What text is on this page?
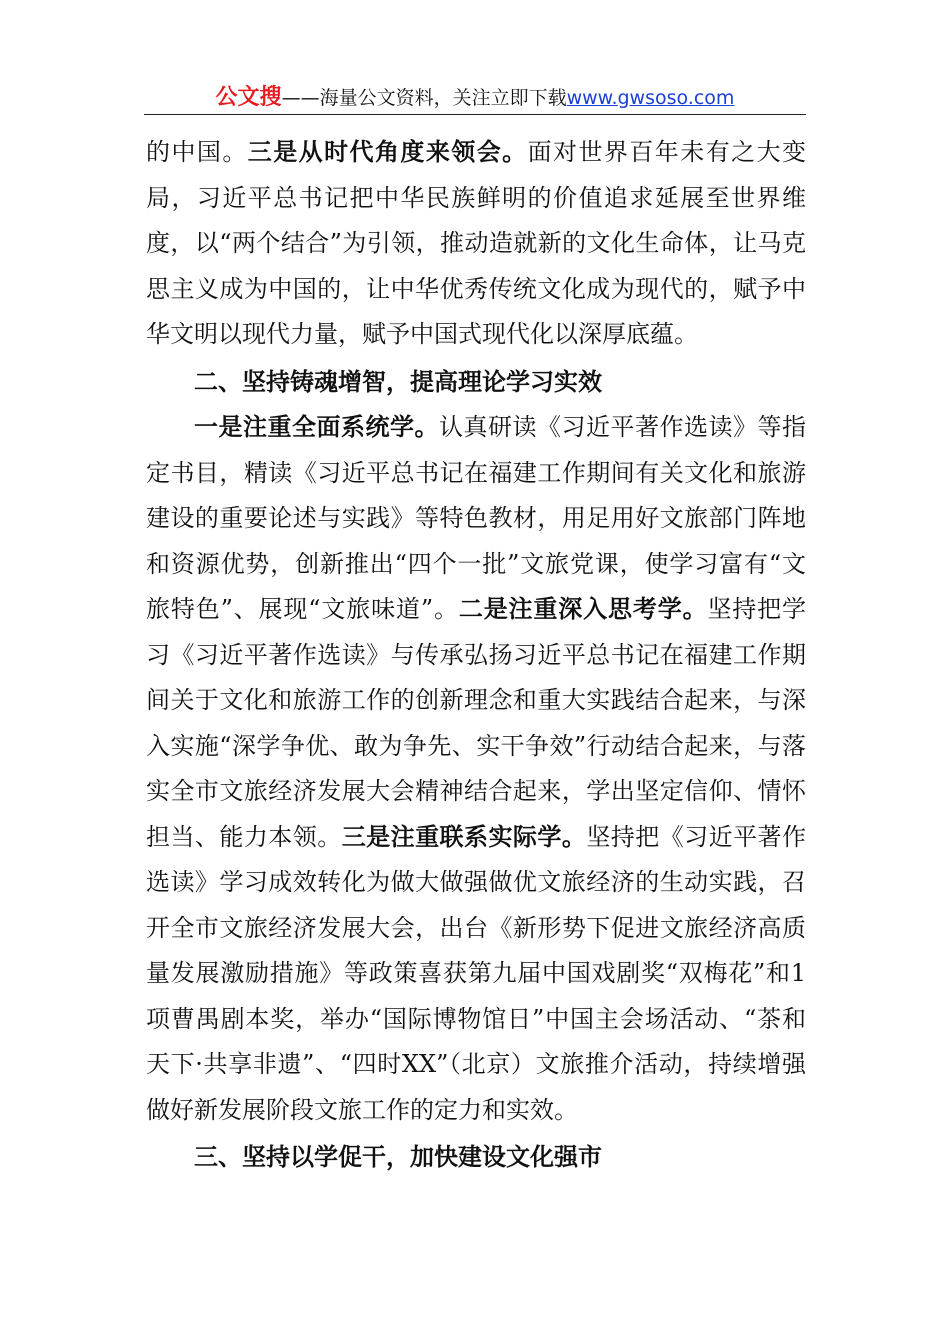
公文搜——海量公文资料，关注立即下载www.gwsoso.com

的中国。三是从时代角度来领会。面对世界百年未有之大变局，习近平总书记把中华民族鲜明的价值追求延展至世界维度，以“两个结合”为引领，推动造就新的文化生命体，让马克思主义成为中国的，让中华优秀传统文化成为现代的，赋予中华文明以现代力量，赋予中国式现代化以深厚底蕴。

二、坚持铸魂增智，提高理论学习实效

一是注重全面系统学。认真研读《习近平著作选读》等指定书目，精读《习近平总书记在福建工作期间有关文化和旅游建设的重要论述与实践》等特色教材，用足用好文旅部门阵地和资源优势，创新推出“四个一批”文旅党课，使学习富有“文旅特色”、展现“文旅味道”。二是注重深入思考学。坚持把学习《习近平著作选读》与传承弘扬习近平总书记在福建工作期间关于文化和旅游工作的创新理念和重大实践结合起来，与深入实施“深学争优、敢为争先、实干争效”行动结合起来，与落实全市文旅经济发展大会精神结合起来，学出坚定信仰、情怀担当、能力本领。三是注重联系实际学。坚持把《习近平著作选读》学习成效转化为做大做强做优文旅经济的生动实践，召开全市文旅经济发展大会，出台《新形势下促进文旅经济高质量发展激励措施》等政策喜获第九届中国戏剧奖“双梅花”和1项曹禺剧本奖，举办“国际博物馆日”中国主会场活动、“茶和天下·共享非遗”、“四时XX”（北京）文旅推介活动，持续增强做好新发展阶段文旅工作的定力和实效。

三、坚持以学促干，加快建设文化强市
